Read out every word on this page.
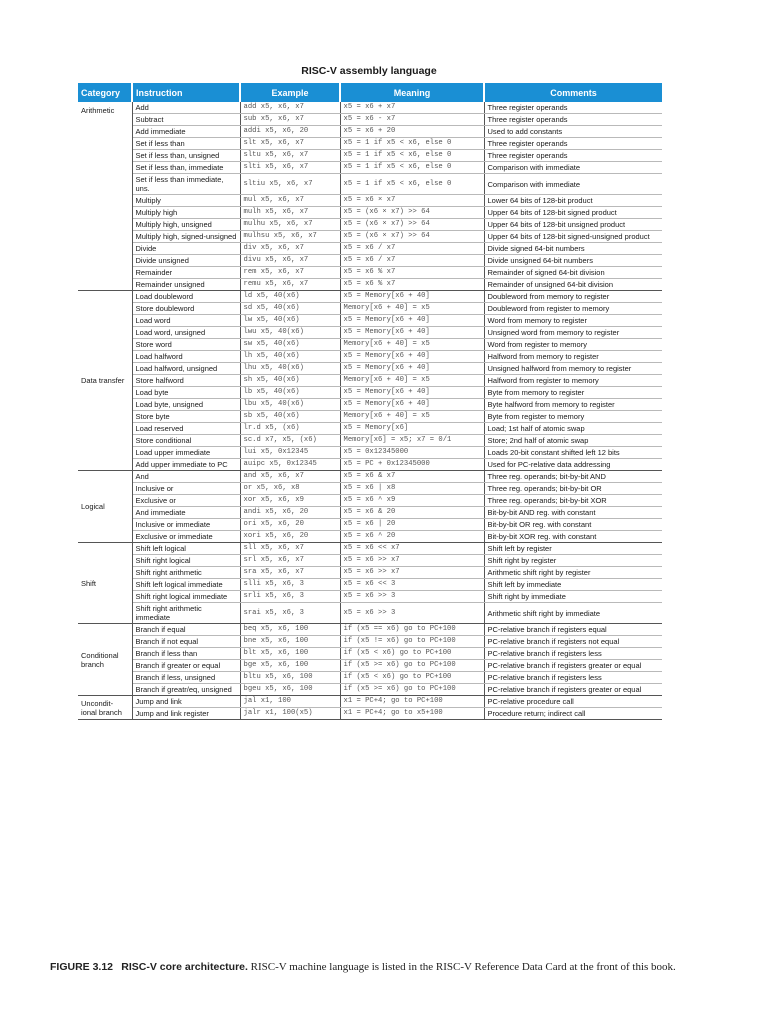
RISC-V assembly language
Category	Instruction	Example	Meaning	Comments
Arithmetic	Add	add x5, x6, x7	x5 = x6 + x7	Three register operands
	Subtract	sub x5, x6, x7	x5 = x6 - x7	Three register operands
	Add immediate	addi x5, x6, 20	x5 = x6 + 20	Used to add constants
	Set if less than	slt x5, x6, x7	x5 = 1 if x5 < x6, else 0	Three register operands
	Set if less than, unsigned	sltu x5, x6, x7	x5 = 1 if x5 < x6, else 0	Three register operands
	Set if less than, immediate	slti x5, x6, x7	x5 = 1 if x5 < x6, else 0	Comparison with immediate
	Set if less than immediate, uns.	sltiu x5, x6, x7	x5 = 1 if x5 < x6, else 0	Comparison with immediate
	Multiply	mul x5, x6, x7	x5 = x6 × x7	Lower 64 bits of 128-bit product
	Multiply high	mulh x5, x6, x7	x5 = (x6 × x7) >> 64	Upper 64 bits of 128-bit signed product
	Multiply high, unsigned	mulhu x5, x6, x7	x5 = (x6 × x7) >> 64	Upper 64 bits of 128-bit unsigned product
	Multiply high, signed-unsigned	mulhsu x5, x6, x7	x5 = (x6 × x7) >> 64	Upper 64 bits of 128-bit signed-unsigned product
	Divide	div x5, x6, x7	x5 = x6 / x7	Divide signed 64-bit numbers
	Divide unsigned	divu x5, x6, x7	x5 = x6 / x7	Divide unsigned 64-bit numbers
	Remainder	rem x5, x6, x7	x5 = x6 % x7	Remainder of signed 64-bit division
	Remainder unsigned	remu x5, x6, x7	x5 = x6 % x7	Remainder of unsigned 64-bit division
Data transfer	Load doubleword	ld x5, 40(x6)	x5 = Memory[x6 + 40]	Doubleword from memory to register
	Store doubleword	sd x5, 40(x6)	Memory[x6 + 40] = x5	Doubleword from register to memory
	Load word	lw x5, 40(x6)	x5 = Memory[x6 + 40]	Word from memory to register
	Load word, unsigned	lwu x5, 40(x6)	x5 = Memory[x6 + 40]	Unsigned word from memory to register
	Store word	sw x5, 40(x6)	Memory[x6 + 40] = x5	Word from register to memory
	Load halfword	lh x5, 40(x6)	x5 = Memory[x6 + 40]	Halfword from memory to register
	Load halfword, unsigned	lhu x5, 40(x6)	x5 = Memory[x6 + 40]	Unsigned halfword from memory to register
	Store halfword	sh x5, 40(x6)	Memory[x6 + 40] = x5	Halfword from register to memory
	Load byte	lb x5, 40(x6)	x5 = Memory[x6 + 40]	Byte from memory to register
	Load byte, unsigned	lbu x5, 40(x6)	x5 = Memory[x6 + 40]	Byte halfword from memory to register
	Store byte	sb x5, 40(x6)	Memory[x6 + 40] = x5	Byte from register to memory
	Load reserved	lr.d x5, (x6)	x5 = Memory[x6]	Load; 1st half of atomic swap
	Store conditional	sc.d x7, x5, (x6)	Memory[x6] = x5; x7 = 0/1	Store; 2nd half of atomic swap
	Load upper immediate	lui x5, 0x12345	x5 = 0x12345000	Loads 20-bit constant shifted left 12 bits
	Add upper immediate to PC	auipc x5, 0x12345	x5 = PC + 0x12345000	Used for PC-relative data addressing
Logical	And	and x5, x6, x7	x5 = x6 & x7	Three reg. operands; bit-by-bit AND
	Inclusive or	or x5, x6, x8	x5 = x6 | x8	Three reg. operands; bit-by-bit OR
	Exclusive or	xor x5, x6, x9	x5 = x6 ^ x9	Three reg. operands; bit-by-bit XOR
	And immediate	andi x5, x6, 20	x5 = x6 & 20	Bit-by-bit AND reg. with constant
	Inclusive or immediate	ori x5, x6, 20	x5 = x6 | 20	Bit-by-bit OR reg. with constant
	Exclusive or immediate	xori x5, x6, 20	x5 = x6 ^ 20	Bit-by-bit XOR reg. with constant
Shift	Shift left logical	sll x5, x6, x7	x5 = x6 << x7	Shift left by register
	Shift right logical	srl x5, x6, x7	x5 = x6 >> x7	Shift right by register
	Shift right arithmetic	sra x5, x6, x7	x5 = x6 >> x7	Arithmetic shift right by register
	Shift left logical immediate	slli x5, x6, 3	x5 = x6 << 3	Shift left by immediate
	Shift right logical immediate	srli x5, x6, 3	x5 = x6 >> 3	Shift right by immediate
	Shift right arithmetic immediate	srai x5, x6, 3	x5 = x6 >> 3	Arithmetic shift right by immediate
Conditional branch	Branch if equal	beq x5, x6, 100	if (x5 == x6) go to PC+100	PC-relative branch if registers equal
	Branch if not equal	bne x5, x6, 100	if (x5 != x6) go to PC+100	PC-relative branch if registers not equal
	Branch if less than	blt x5, x6, 100	if (x5 < x6) go to PC+100	PC-relative branch if registers less
	Branch if greater or equal	bge x5, x6, 100	if (x5 >= x6) go to PC+100	PC-relative branch if registers greater or equal
	Branch if less, unsigned	bltu x5, x6, 100	if (x5 < x6) go to PC+100	PC-relative branch if registers less
	Branch if greatr/eq, unsigned	bgeu x5, x6, 100	if (x5 >= x6) go to PC+100	PC-relative branch if registers greater or equal
Uncondit-ional branch	Jump and link	jal x1, 100	x1 = PC+4; go to PC+100	PC-relative procedure call
	Jump and link register	jalr x1, 100(x5)	x1 = PC+4; go to x5+100	Procedure return; indirect call
FIGURE 3.12 RISC-V core architecture. RISC-V machine language is listed in the RISC-V Reference Data Card at the front of this book.
